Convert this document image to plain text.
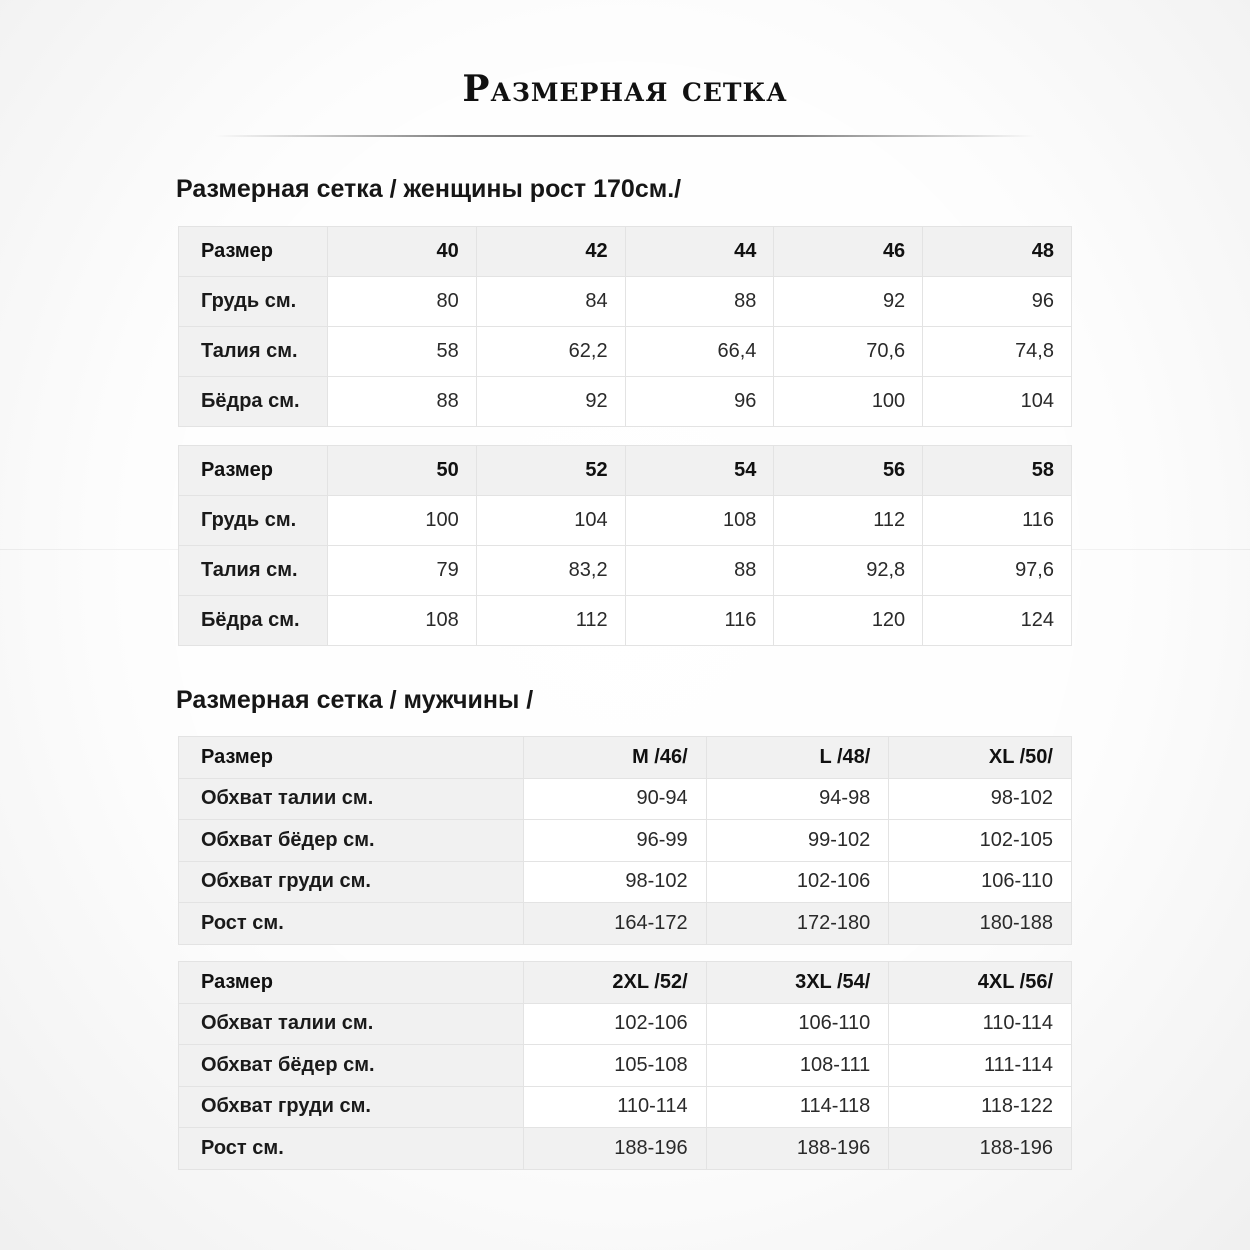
Размерная сетка
Размерная сетка / женщины рост 170см./
Размер	40	42	44	46	48
Грудь см.	80	84	88	92	96
Талия см.	58	62,2	66,4	70,6	74,8
Бёдра см.	88	92	96	100	104
Размер	50	52	54	56	58
Грудь см.	100	104	108	112	116
Талия см.	79	83,2	88	92,8	97,6
Бёдра см.	108	112	116	120	124
Размерная сетка / мужчины /
Размер	M /46/	L /48/	XL /50/
Обхват талии см.	90-94	94-98	98-102
Обхват бёдер см.	96-99	99-102	102-105
Обхват груди см.	98-102	102-106	106-110
Рост см.	164-172	172-180	180-188
Размер	2XL /52/	3XL /54/	4XL /56/
Обхват талии см.	102-106	106-110	110-114
Обхват бёдер см.	105-108	108-111	111-114
Обхват груди см.	110-114	114-118	118-122
Рост см.	188-196	188-196	188-196
